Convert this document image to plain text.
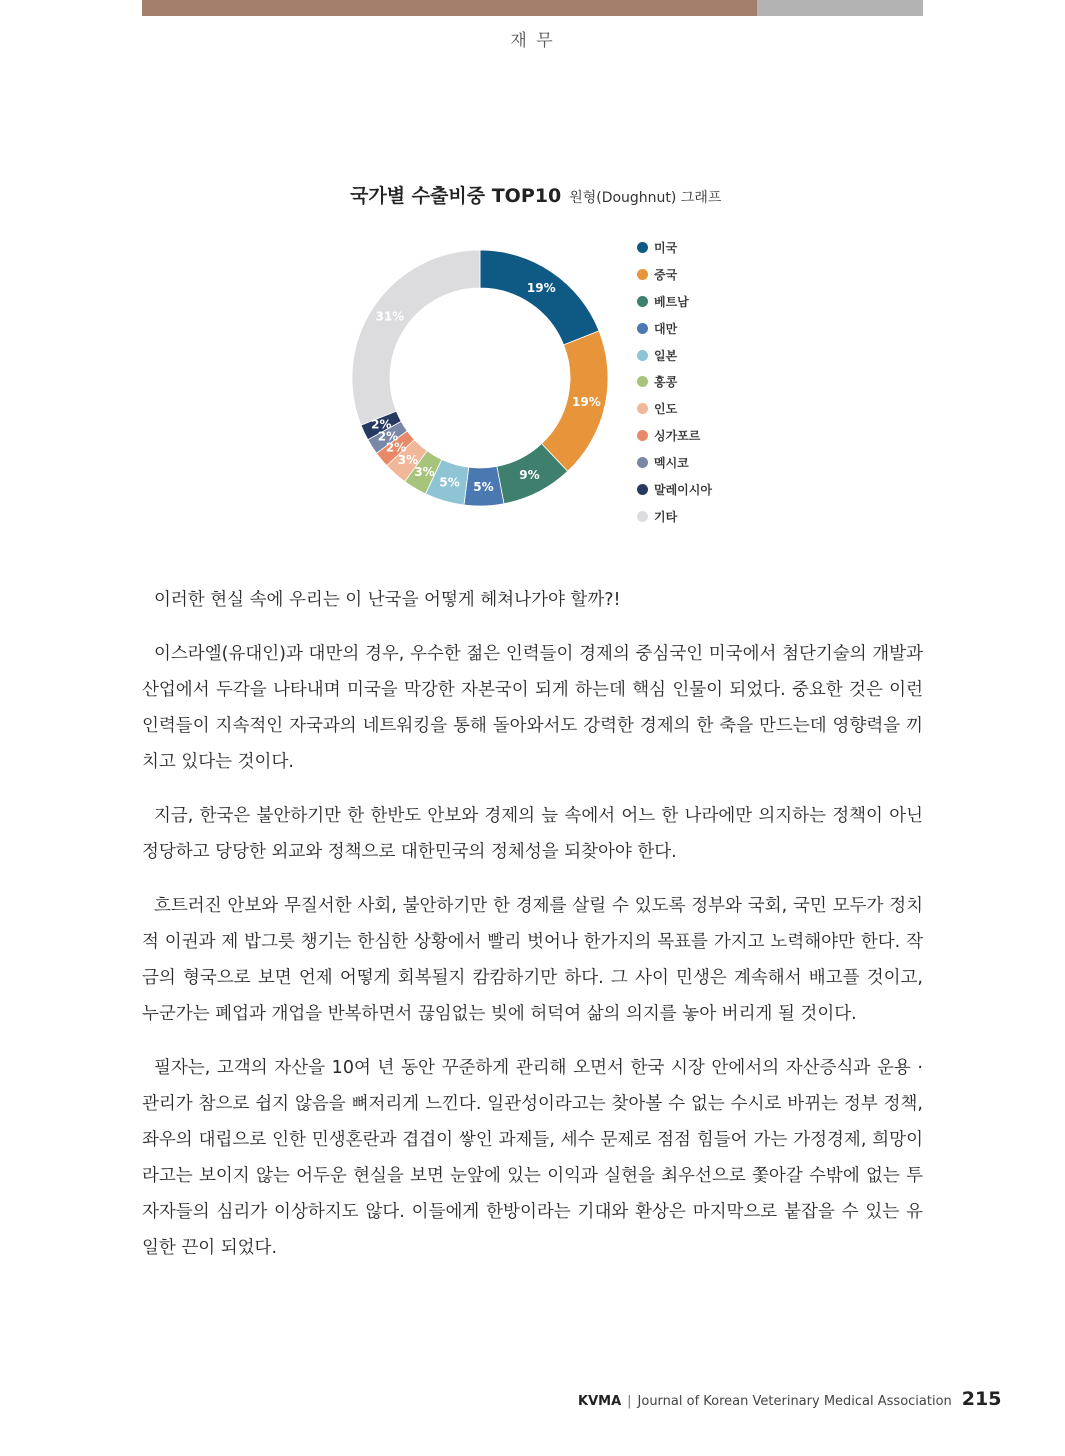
재 무
국가별 수출비중 TOP10 원형(Doughnut) 그래프
19%
19%
9%
5%
5%
3%
3%
2%
2%
2%
31%
미국
중국
베트남
대만
일본
홍콩
인도
싱가포르
멕시코
말레이시아
기타

이러한 현실 속에 우리는 이 난국을 어떻게 헤쳐나가야 할까?!

이스라엘(유대인)과 대만의 경우, 우수한 젊은 인력들이 경제의 중심국인 미국에서 첨단기술의 개발과 산업에서 두각을 나타내며 미국을 막강한 자본국이 되게 하는데 핵심 인물이 되었다. 중요한 것은 이런 인력들이 지속적인 자국과의 네트워킹을 통해 돌아와서도 강력한 경제의 한 축을 만드는데 영향력을 끼치고 있다는 것이다.

지금, 한국은 불안하기만 한 한반도 안보와 경제의 늪 속에서 어느 한 나라에만 의지하는 정책이 아닌 정당하고 당당한 외교와 정책으로 대한민국의 정체성을 되찾아야 한다.

흐트러진 안보와 무질서한 사회, 불안하기만 한 경제를 살릴 수 있도록 정부와 국회, 국민 모두가 정치적 이권과 제 밥그릇 챙기는 한심한 상황에서 빨리 벗어나 한가지의 목표를 가지고 노력해야만 한다. 작금의 형국으로 보면 언제 어떻게 회복될지 캄캄하기만 하다. 그 사이 민생은 계속해서 배고플 것이고, 누군가는 폐업과 개업을 반복하면서 끊임없는 빚에 허덕여 삶의 의지를 놓아 버리게 될 것이다.

필자는, 고객의 자산을 10여 년 동안 꾸준하게 관리해 오면서 한국 시장 안에서의 자산증식과 운용 · 관리가 참으로 쉽지 않음을 뼈저리게 느낀다. 일관성이라고는 찾아볼 수 없는 수시로 바뀌는 정부 정책, 좌우의 대립으로 인한 민생혼란과 겹겹이 쌓인 과제들, 세수 문제로 점점 힘들어 가는 가정경제, 희망이라고는 보이지 않는 어두운 현실을 보면 눈앞에 있는 이익과 실현을 최우선으로 쫓아갈 수밖에 없는 투자자들의 심리가 이상하지도 않다. 이들에게 한방이라는 기대와 환상은 마지막으로 붙잡을 수 있는 유일한 끈이 되었다.

KVMA | Journal of Korean Veterinary Medical Association 215
